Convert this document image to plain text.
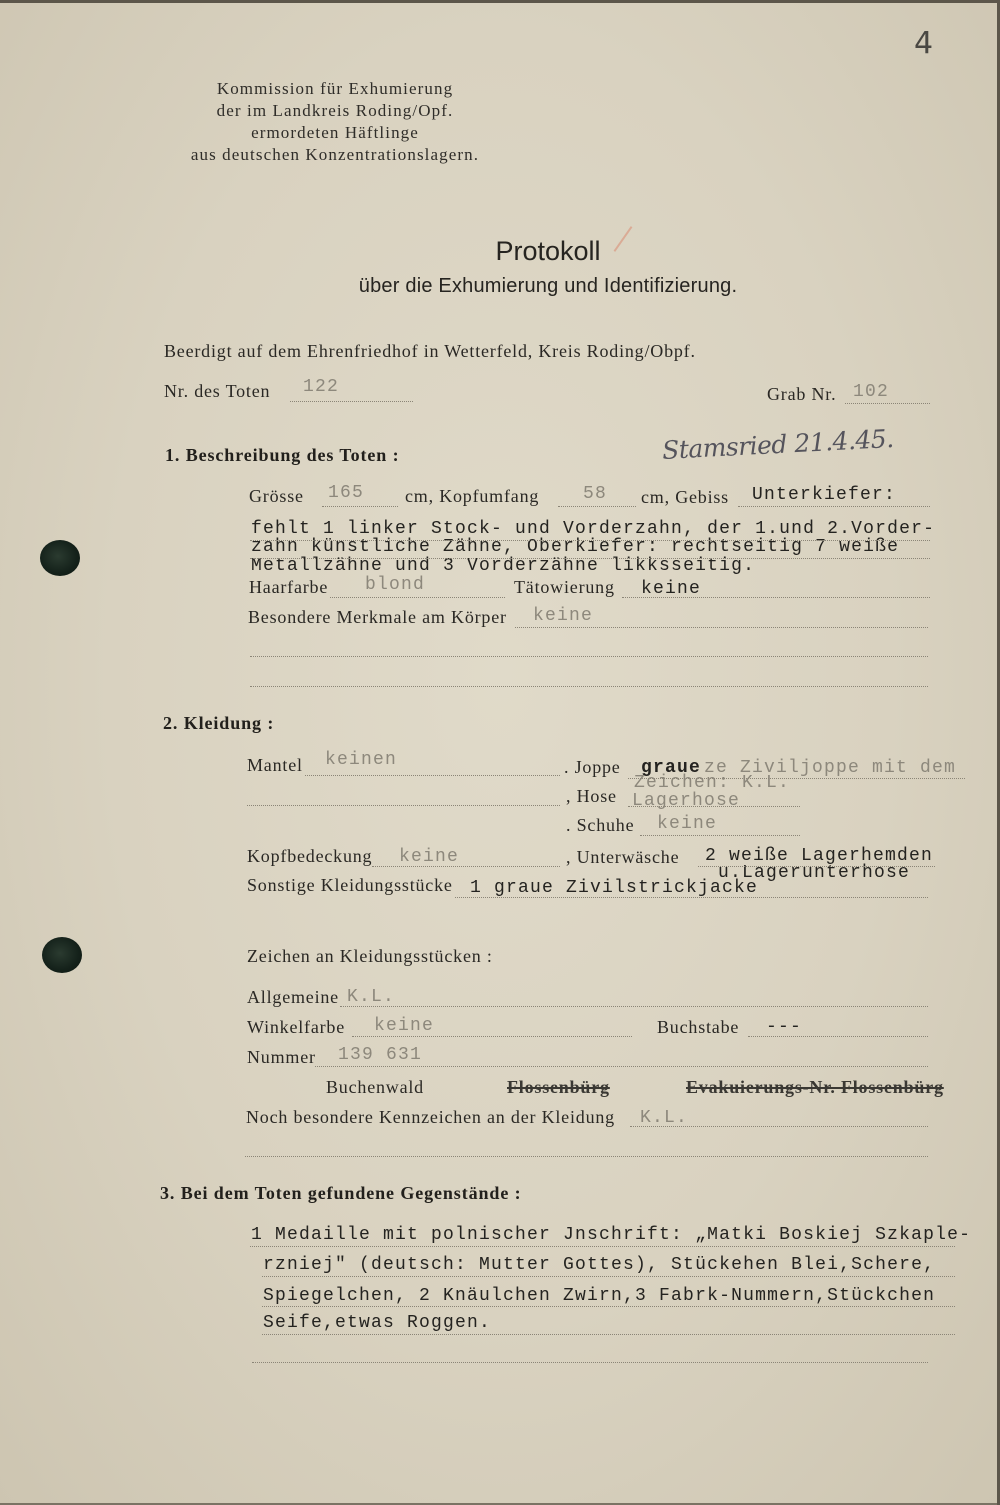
4
Kommission für Exhumierung
der im Landkreis Roding/Opf.
ermordeten Häftlinge
aus deutschen Konzentrationslagern.
Protokoll
über die Exhumierung und Identifizierung.
Beerdigt auf dem Ehrenfriedhof in Wetterfeld, Kreis Roding/Obpf.
Nr. des Toten 122	Grab Nr. 102
Stamsried 21.4.45.
1. Beschreibung des Toten :
Grösse 165 cm, Kopfumfang 58 cm, Gebiss Unterkiefer:
fehlt 1 linker Stock- und Vorderzahn, der 1.und 2.Vorder-
zahn künstliche Zähne, Oberkiefer: rechtseitig 7 weiße
Metallzähne und 3 Vorderzähne likksseitig.
Haarfarbe blond	Tätowierung keine
Besondere Merkmale am Körper keine
2. Kleidung :
Mantel keinen	. Joppe graue ze Ziviljoppe mit dem
Zeichen: K.L.
, Hose Lagerhose
. Schuhe keine
Kopfbedeckung keine	, Unterwäsche 2 weiße Lagerhemden
u.Lagerunterhose
Sonstige Kleidungsstücke 1 graue Zivilstrickjacke
Zeichen an Kleidungsstücken :
Allgemeine K.L.
Winkelfarbe keine	Buchstabe ---
Nummer 139 631
Buchenwald	Flossenbürg	Evakuierungs-Nr. Flossenbürg
Noch besondere Kennzeichen an der Kleidung K.L.
3. Bei dem Toten gefundene Gegenstände :
1 Medaille mit polnischer Jnschrift: „Matki Boskiej Szkaple-
rzniej" (deutsch: Mutter Gottes), Stückehen Blei,Schere,
Spiegelchen, 2 Knäulchen Zwirn,3 Fabrk-Nummern,Stückchen
Seife,etwas Roggen.
